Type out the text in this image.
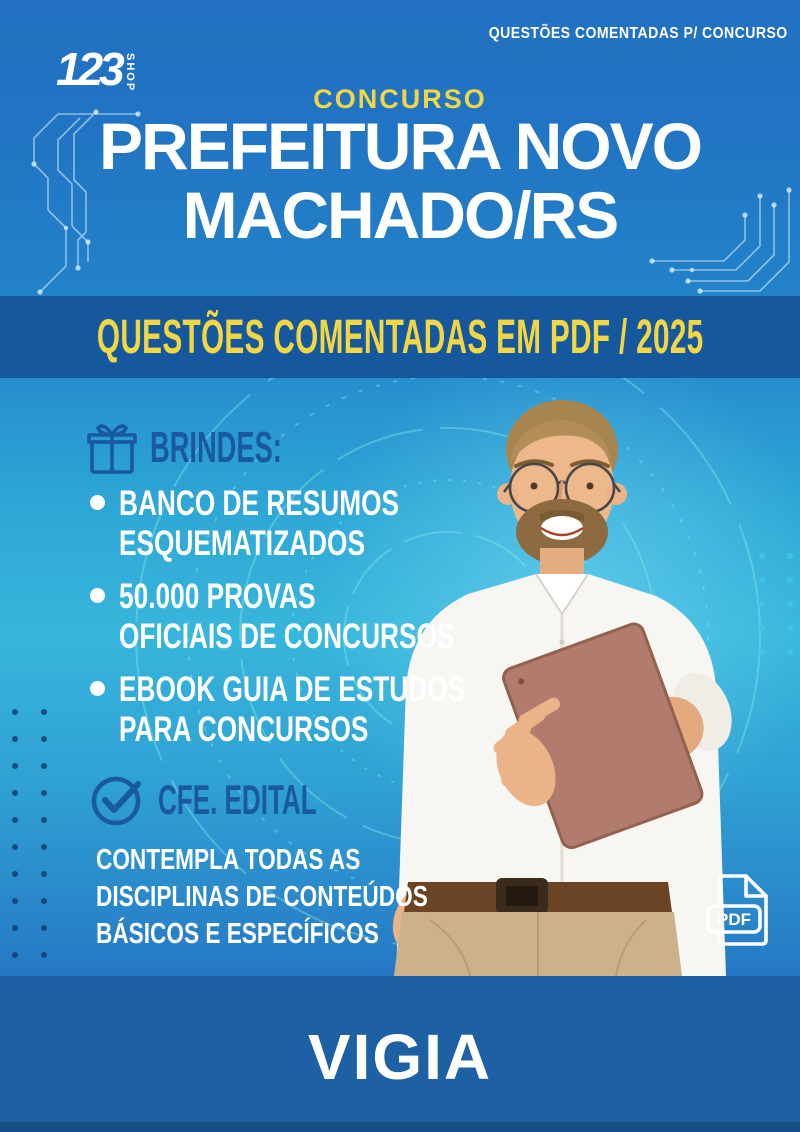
123 SHOP
QUESTÕES COMENTADAS P/ CONCURSO
CONCURSO
PREFEITURA NOVO
MACHADO/RS
QUESTÕES COMENTADAS EM PDF / 2025
BRINDES:
BANCO DE RESUMOS
ESQUEMATIZADOS
50.000 PROVAS
OFICIAIS DE CONCURSOS
EBOOK GUIA DE ESTUDOS
PARA CONCURSOS
CFE. EDITAL
CONTEMPLA TODAS AS
DISCIPLINAS DE CONTEÚDOS
BÁSICOS E ESPECÍFICOS	PDF
VIGIA
